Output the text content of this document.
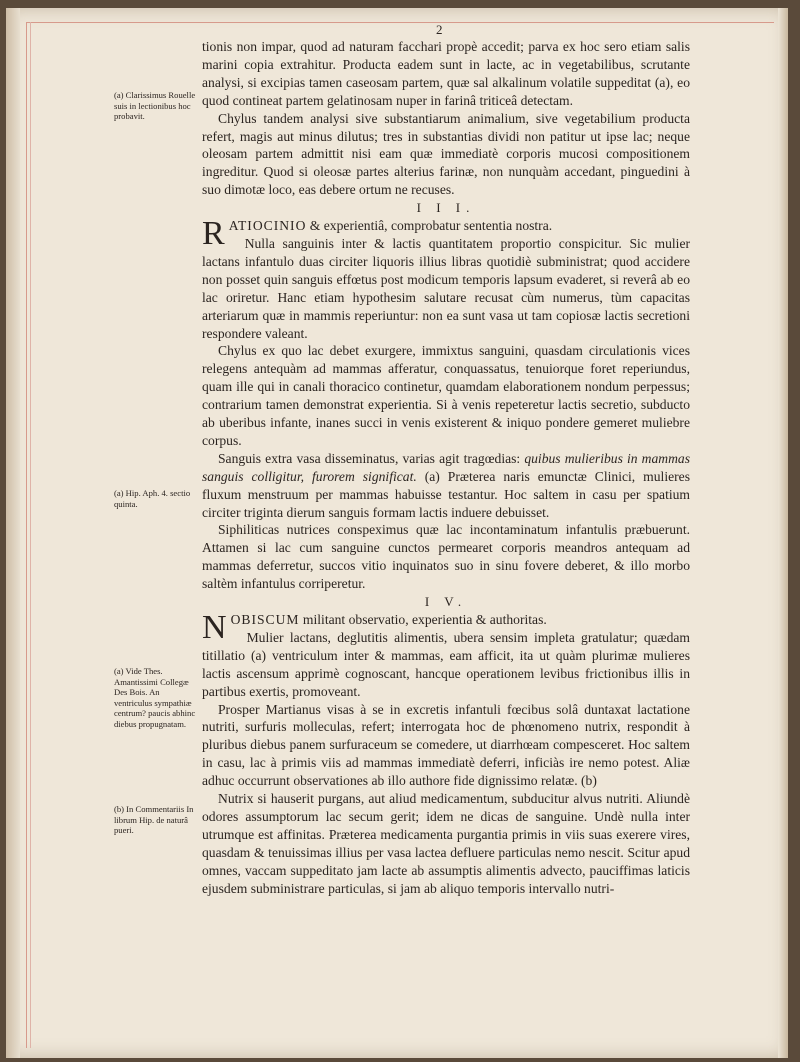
2

tionis non impar, quod ad naturam facchari propè accedit; parva ex hoc sero etiam salis marini copia extrahitur. Producta eadem sunt in lacte, ac in vegetabilibus, scrutante analysi, si excipias tamen caseosam partem, quæ sal alkalinum volatile suppeditat (a), eo quod contineat partem gelatinosam nuper in farinâ triticeâ detectam.

Chylus tandem analysi sive substantiarum animalium, sive vegetabilium producta refert, magis aut minus dilutus; tres in substantias dividi non patitur ut ipse lac; neque oleosam partem admittit nisi eam quæ immediatè corporis mucosi compositionem ingreditur. Quod si oleosæ partes alterius farinæ, non nunquàm accedant, pinguedini à suo dimotæ loco, eas debere ortum ne recuses.

I I I.

RATIOCINIO & experientiâ, comprobatur sententia nostra.

Nulla sanguinis inter & lactis quantitatem proportio conspicitur. Sic mulier lactans infantulo duas circiter liquoris illius libras quotidiè subministrat; quod accidere non posset quin sanguis effœtus post modicum temporis lapsum evaderet, si reverâ ab eo lac oriretur. Hanc etiam hypothesim salutare recusat cùm numerus, tùm capacitas arteriarum quæ in mammis reperiuntur: non ea sunt vasa ut tam copiosæ lactis secretioni respondere valeant.

Chylus ex quo lac debet exurgere, immixtus sanguini, quasdam circulationis vices relegens antequàm ad mammas afferatur, conquassatus, tenuiorque foret reperiundus, quam ille qui in canali thoracico continetur, quamdam elaborationem nondum perpessus; contrarium tamen demonstrat experientia. Si à venis repeteretur lactis secretio, subducto ab uberibus infante, inanes succi in venis existerent & iniquo pondere gemeret muliebre corpus.

Sanguis extra vasa disseminatus, varias agit tragœdias: quibus mulieribus in mammas sanguis colligitur, furorem significat. (a) Præterea naris emunctæ Clinici, mulieres fluxum menstruum per mammas habuisse testantur. Hoc saltem in casu per spatium circiter triginta dierum sanguis formam lactis induere debuisset.

Siphiliticas nutrices conspeximus quæ lac incontaminatum infantulis præbuerunt. Attamen si lac cum sanguine cunctos permearet corporis meandros antequam ad mammas deferretur, succos vitio inquinatos suo in sinu fovere deberet, & illo morbo saltèm infantulus corriperetur.

I V.

NOBISCUM militant observatio, experientia & authoritas.

Mulier lactans, deglutitis alimentis, ubera sensim impleta gratulatur; quædam titillatio (a) ventriculum inter & mammas, eam afficit, ita ut quàm plurimæ mulieres lactis ascensum apprimè cognoscant, hancque operationem levibus frictionibus illis in partibus exertis, promoveant.

Prosper Martianus visas à se in excretis infantuli fœcibus solâ duntaxat lactatione nutriti, surfuris molleculas, refert; interrogata hoc de phœnomeno nutrix, respondit à pluribus diebus panem surfuraceum se comedere, ut diarrhœam compesceret. Hoc saltem in casu, lac à primis viis ad mammas immediatè deferri, inficiàs ire nemo potest. Aliæ adhuc occurrunt observationes ab illo authore fide dignissimo relatæ. (b)

Nutrix si hauserit purgans, aut aliud medicamentum, subducitur alvus nutriti. Aliundè odores assumptorum lac secum gerit; idem ne dicas de sanguine. Undè nulla inter utrumque est affinitas. Præterea medicamenta purgantia primis in viis suas exerere vires, quasdam & tenuissimas illius per vasa lactea defluere particulas nemo nescit. Scitur apud omnes, vaccam suppeditato jam lacte ab assumptis alimentis advecto, pauciffimas laticis ejusdem subministrare particulas, si jam ab aliquo temporis intervallo nutri-

(a) Clarissimus Rouelle suis in lectionibus hoc probavit.
(a) Hip. Aph. 4. sectio quinta.
(a) Vide Thes. Amantissimi Collegæ Des Bois. An ventriculus sympathiæ centrum? paucis abhinc diebus propugnatam.
(b) In Commentariis In librum Hip. de naturâ pueri.
